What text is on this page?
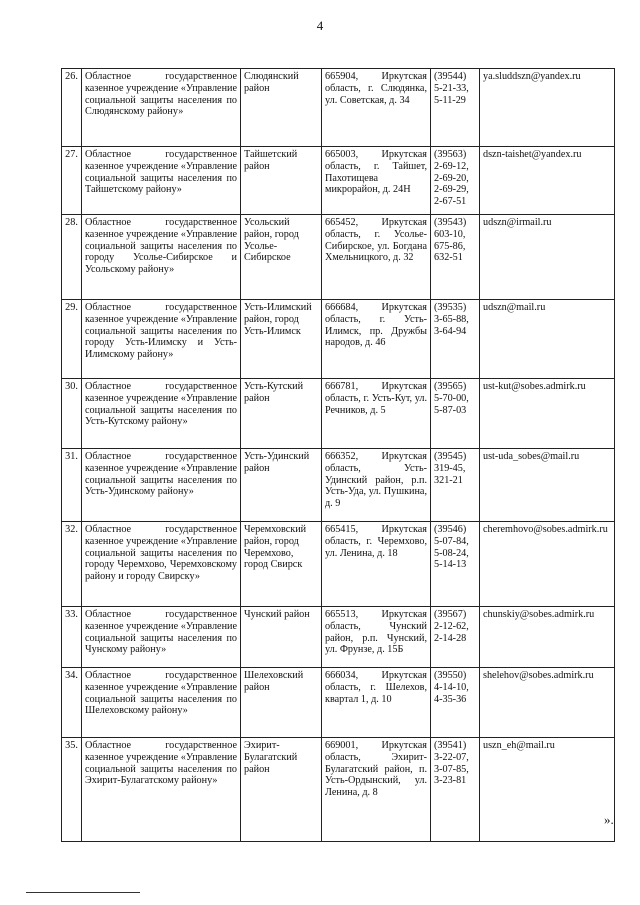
4
26.	Областное государственное казенное учреждение «Управление социальной защиты населения по Слюдянскому району»	Слюдянский район	665904, Иркутская область, г. Слюдянка, ул. Советская, д. 34	(39544) 5-21-33, 5-11-29	ya.sluddszn@yandex.ru
27.	Областное государственное казенное учреждение «Управление социальной защиты населения по Тайшетскому району»	Тайшетский район	665003, Иркутская область, г. Тайшет, Пахотищева микрорайон, д. 24Н	(39563) 2-69-12, 2-69-20, 2-69-29, 2-67-51	dszn-taishet@yandex.ru
28.	Областное государственное казенное учреждение «Управление социальной защиты населения по городу Усолье-Сибирское и Усольскому району»	Усольский район, город Усолье-Сибирское	665452, Иркутская область, г. Усолье-Сибирское, ул. Богдана Хмельницкого, д. 32	(39543) 603-10, 675-86, 632-51	udszn@irmail.ru
29.	Областное государственное казенное учреждение «Управление социальной защиты населения по городу Усть-Илимску и Усть-Илимскому району»	Усть-Илимский район, город Усть-Илимск	666684, Иркутская область, г. Усть-Илимск, пр. Дружбы народов, д. 46	(39535) 3-65-88, 3-64-94	udszn@mail.ru
30.	Областное государственное казенное учреждение «Управление социальной защиты населения по Усть-Кутскому району»	Усть-Кутский район	666781, Иркутская область, г. Усть-Кут, ул. Речников, д. 5	(39565) 5-70-00, 5-87-03	ust-kut@sobes.admirk.ru
31.	Областное государственное казенное учреждение «Управление социальной защиты населения по Усть-Удинскому району»	Усть-Удинский район	666352, Иркутская область, Усть-Удинский район, р.п. Усть-Уда, ул. Пушкина, д. 9	(39545) 319-45, 321-21	ust-uda_sobes@mail.ru
32.	Областное государственное казенное учреждение «Управление социальной защиты населения по городу Черемхово, Черемховскому району и городу Свирску»	Черемховский район, город Черемхово, город Свирск	665415, Иркутская область, г. Черемхово, ул. Ленина, д. 18	(39546) 5-07-84, 5-08-24, 5-14-13	cheremhovo@sobes.admirk.ru
33.	Областное государственное казенное учреждение «Управление социальной защиты населения по Чунскому району»	Чунский район	665513, Иркутская область, Чунский район, р.п. Чунский, ул. Фрунзе, д. 15Б	(39567) 2-12-62, 2-14-28	chunskiy@sobes.admirk.ru
34.	Областное государственное казенное учреждение «Управление социальной защиты населения по Шелеховскому району»	Шелеховский район	666034, Иркутская область, г. Шелехов, квартал 1, д. 10	(39550) 4-14-10, 4-35-36	shelehov@sobes.admirk.ru
35.	Областное государственное казенное учреждение «Управление социальной защиты населения по Эхирит-Булагатскому району»	Эхирит-Булагатский район	669001, Иркутская область, Эхирит-Булагатский район, п. Усть-Ордынский, ул. Ленина, д. 8	(39541) 3-22-07, 3-07-85, 3-23-81	uszn_eh@mail.ru
».
